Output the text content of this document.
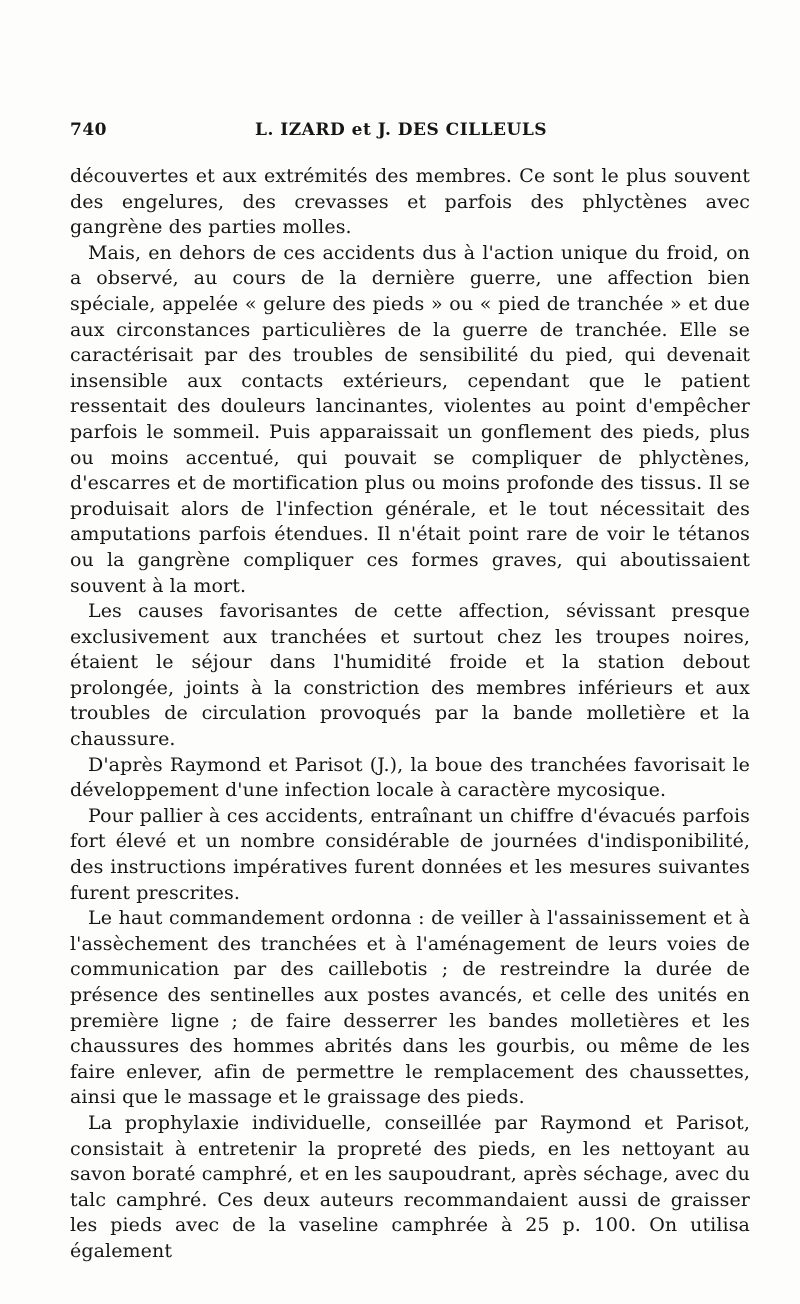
740	L. IZARD et J. DES CILLEULS

découvertes et aux extrémités des membres. Ce sont le plus souvent des engelures, des crevasses et parfois des phlyctènes avec gangrène des parties molles.

Mais, en dehors de ces accidents dus à l'action unique du froid, on a observé, au cours de la dernière guerre, une affection bien spéciale, appelée « gelure des pieds » ou « pied de tranchée » et due aux circonstances particulières de la guerre de tranchée. Elle se caractérisait par des troubles de sensibilité du pied, qui devenait insensible aux contacts extérieurs, cependant que le patient ressentait des douleurs lancinantes, violentes au point d'empêcher parfois le sommeil. Puis apparaissait un gonflement des pieds, plus ou moins accentué, qui pouvait se compliquer de phlyctènes, d'escarres et de mortification plus ou moins profonde des tissus. Il se produisait alors de l'infection générale, et le tout nécessitait des amputations parfois étendues. Il n'était point rare de voir le tétanos ou la gangrène compliquer ces formes graves, qui aboutissaient souvent à la mort.

Les causes favorisantes de cette affection, sévissant presque exclusivement aux tranchées et surtout chez les troupes noires, étaient le séjour dans l'humidité froide et la station debout prolongée, joints à la constriction des membres inférieurs et aux troubles de circulation provoqués par la bande molletière et la chaussure.

D'après Raymond et Parisot (J.), la boue des tranchées favorisait le développement d'une infection locale à caractère mycosique.

Pour pallier à ces accidents, entraînant un chiffre d'évacués parfois fort élevé et un nombre considérable de journées d'indisponibilité, des instructions impératives furent données et les mesures suivantes furent prescrites.

Le haut commandement ordonna : de veiller à l'assainissement et à l'assèchement des tranchées et à l'aménagement de leurs voies de communication par des caillebotis ; de restreindre la durée de présence des sentinelles aux postes avancés, et celle des unités en première ligne ; de faire desserrer les bandes molletières et les chaussures des hommes abrités dans les gourbis, ou même de les faire enlever, afin de permettre le remplacement des chaussettes, ainsi que le massage et le graissage des pieds.

La prophylaxie individuelle, conseillée par Raymond et Parisot, consistait à entretenir la propreté des pieds, en les nettoyant au savon boraté camphré, et en les saupoudrant, après séchage, avec du talc camphré. Ces deux auteurs recommandaient aussi de graisser les pieds avec de la vaseline camphrée à 25 p. 100. On utilisa également
